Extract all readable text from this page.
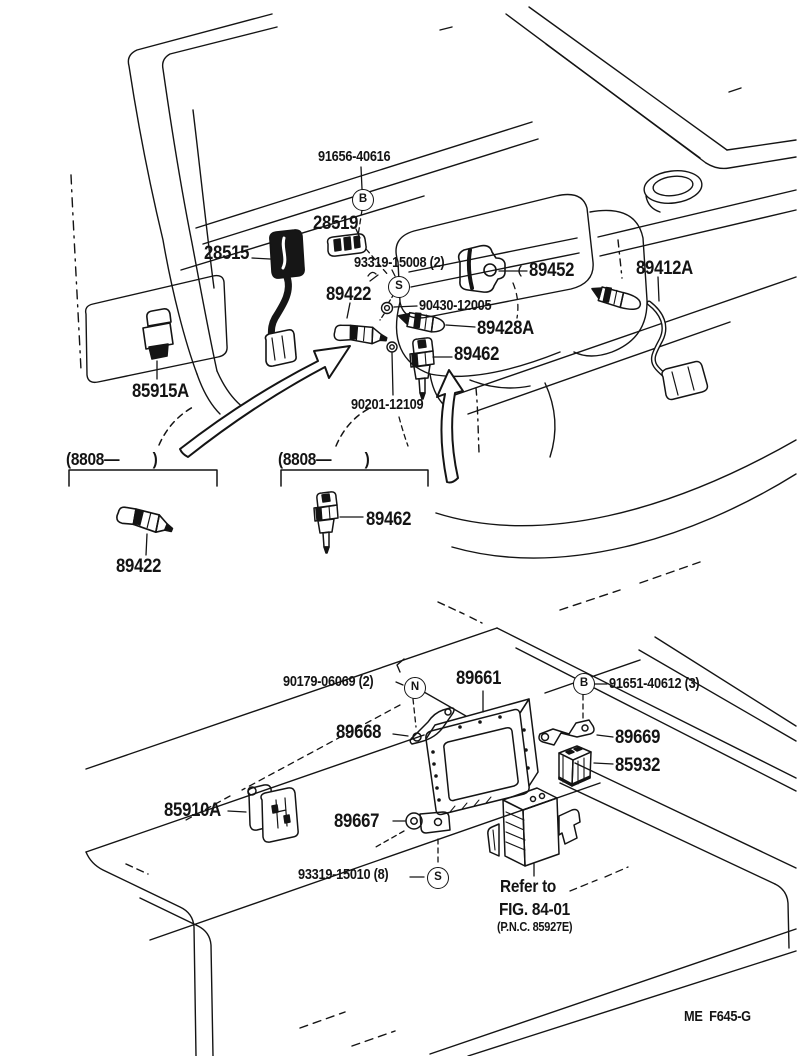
91656-40616
28519
28515	93319-15008 (2)
89422
90430-12005
89428A
89462
89452	89412A
85915A
90201-12109
(8808— )	(8808— )
89422
89462
90179-06069 (2)	89661	91651-40612 (3)
89668	89669
85932
85910A
89667
93319-15010 (8)
Refer to
FIG. 84-01
(P.N.C. 85927E)
ME  F645-G
B
S
N	B
S
